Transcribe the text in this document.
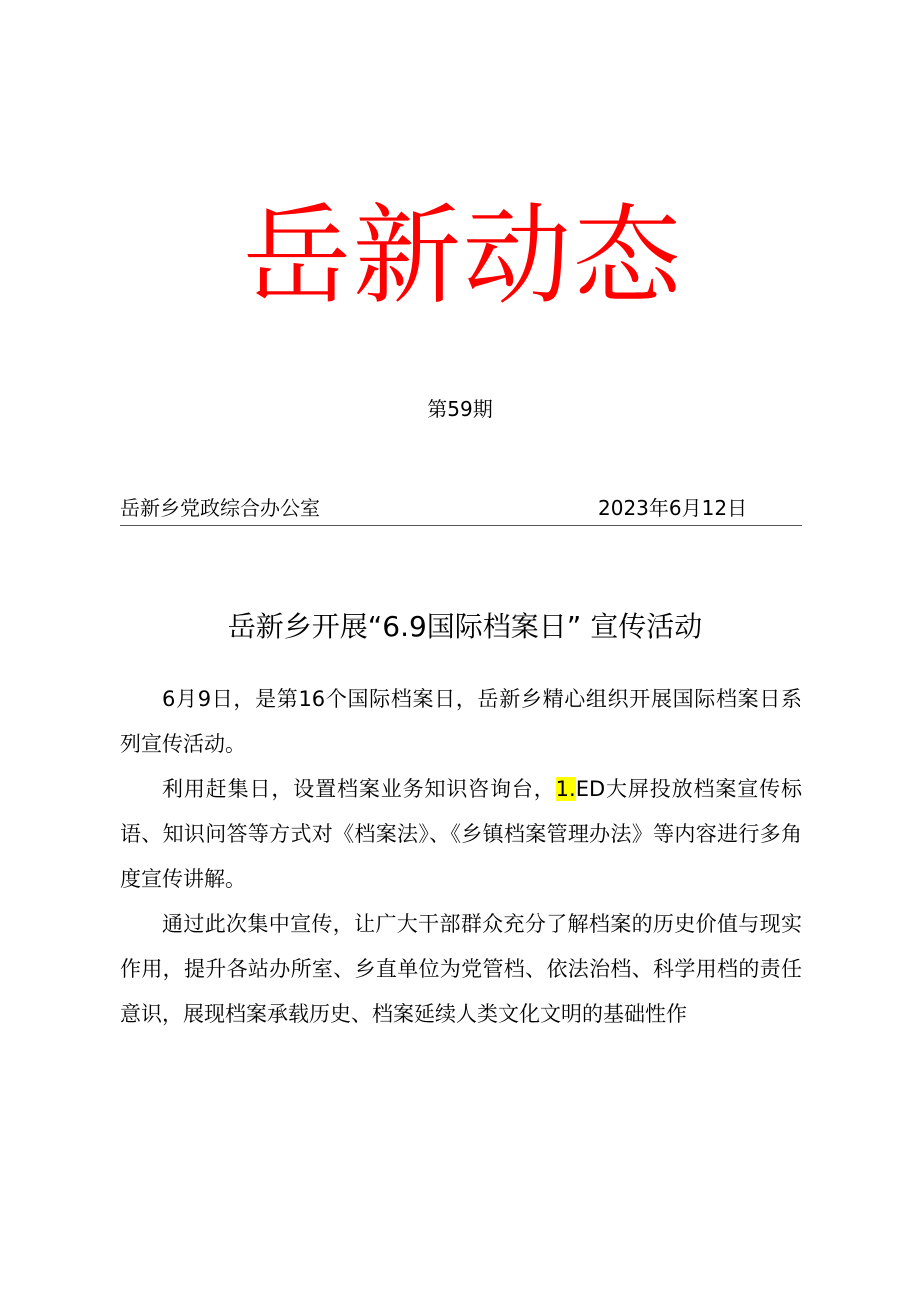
岳新动态
第59期
岳新乡党政综合办公室	2023年6月12日
岳新乡开展“6.9国际档案日” 宣传活动

6月9日，是第16个国际档案日，岳新乡精心组织开展国际档案日系列宣传活动。

利用赶集日，设置档案业务知识咨询台，1.ED大屏投放档案宣传标语、知识问答等方式对《档案法》、《乡镇档案管理办法》等内容进行多角度宣传讲解。

通过此次集中宣传，让广大干部群众充分了解档案的历史价值与现实作用，提升各站办所室、乡直单位为党管档、依法治档、科学用档的责任意识，展现档案承载历史、档案延续人类文化文明的基础性作
